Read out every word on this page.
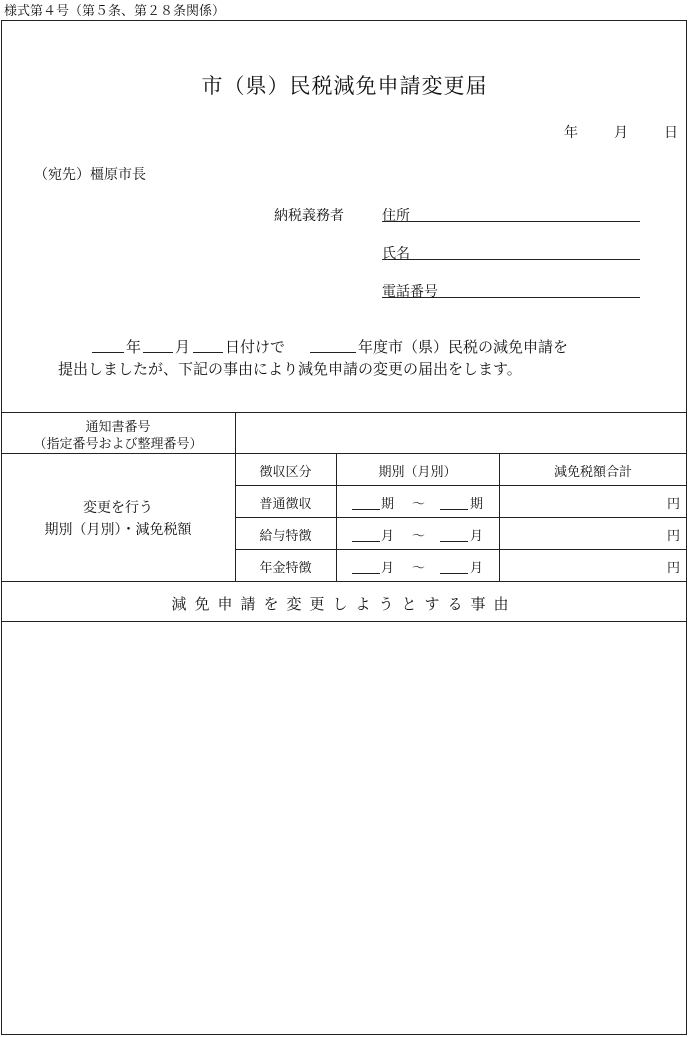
様式第４号（第５条、第２８条関係）
市（県）民税減免申請変更届
年	月	日
（宛先）橿原市長
納税義務者	住所
氏名
電話番号
年 月 日付けで	年度市（県）民税の減免申請を
提出しましたが、下記の事由により減免申請の変更の届出をします。
通知書番号
（指定番号および整理番号）
変更を行う
期別（月別）・減免税額
徴収区分	期別（月別）	減免税額合計
普通徴収	期 〜	期	円
給与特徴	月 〜	月	円
年金特徴	月 〜	月	円
減免申請を変更しようとする事由
